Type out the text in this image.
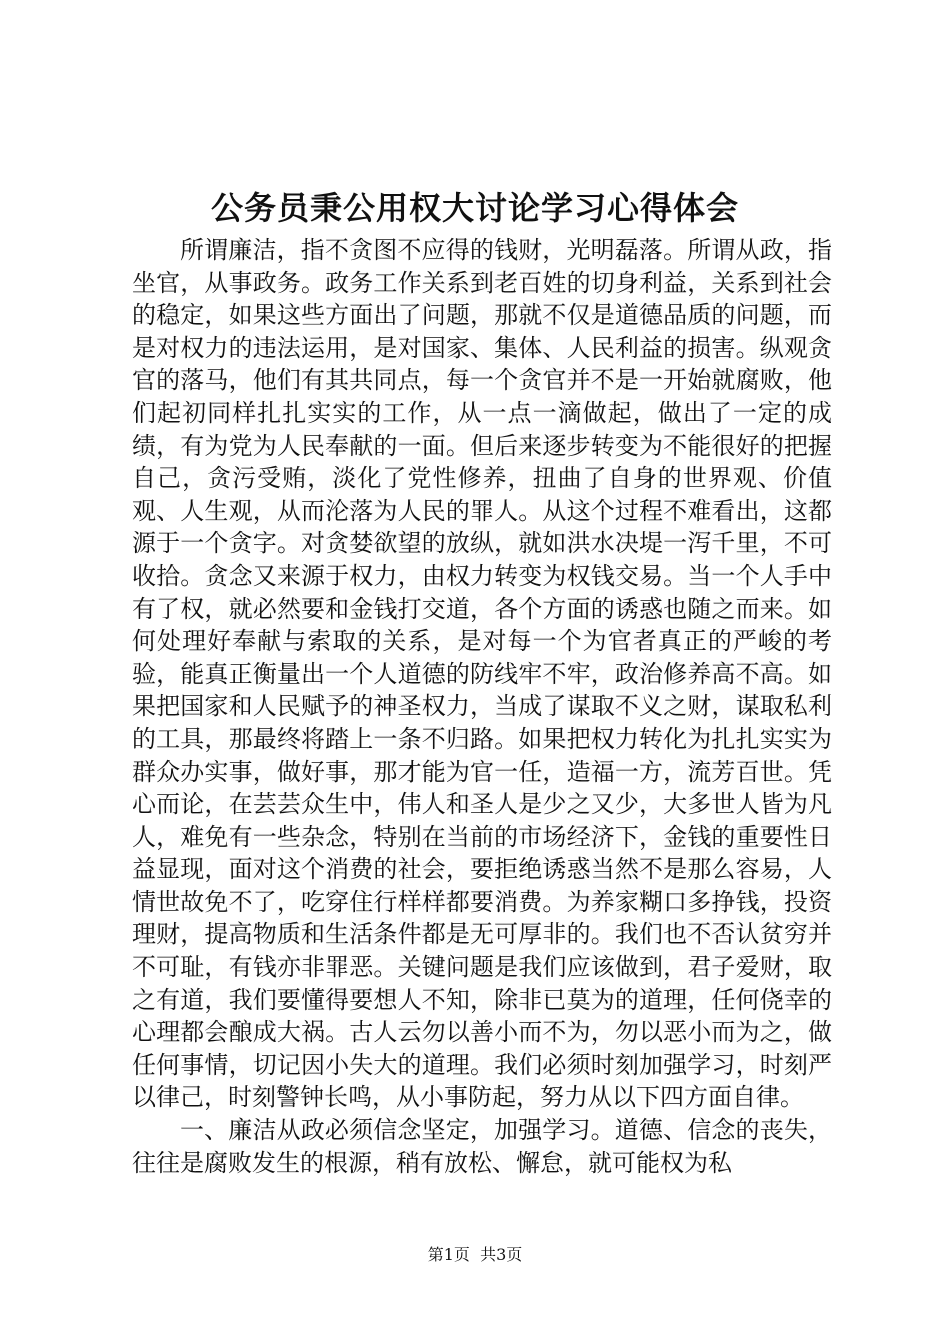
公务员秉公用权大讨论学习心得体会

所谓廉洁，指不贪图不应得的钱财，光明磊落。所谓从政，指坐官，从事政务。政务工作关系到老百姓的切身利益，关系到社会的稳定，如果这些方面出了问题，那就不仅是道德品质的问题，而是对权力的违法运用，是对国家、集体、人民利益的损害。纵观贪官的落马，他们有其共同点，每一个贪官并不是一开始就腐败，他们起初同样扎扎实实的工作，从一点一滴做起，做出了一定的成绩，有为党为人民奉献的一面。但后来逐步转变为不能很好的把握自己，贪污受贿，淡化了党性修养，扭曲了自身的世界观、价值观、人生观，从而沦落为人民的罪人。从这个过程不难看出，这都源于一个贪字。对贪婪欲望的放纵，就如洪水决堤一泻千里，不可收拾。贪念又来源于权力，由权力转变为权钱交易。当一个人手中有了权，就必然要和金钱打交道，各个方面的诱惑也随之而来。如何处理好奉献与索取的关系，是对每一个为官者真正的严峻的考验，能真正衡量出一个人道德的防线牢不牢，政治修养高不高。如果把国家和人民赋予的神圣权力，当成了谋取不义之财，谋取私利的工具，那最终将踏上一条不归路。如果把权力转化为扎扎实实为群众办实事，做好事，那才能为官一任，造福一方，流芳百世。凭心而论，在芸芸众生中，伟人和圣人是少之又少，大多世人皆为凡人，难免有一些杂念，特别在当前的市场经济下，金钱的重要性日益显现，面对这个消费的社会，要拒绝诱惑当然不是那么容易，人情世故免不了，吃穿住行样样都要消费。为养家糊口多挣钱，投资理财，提高物质和生活条件都是无可厚非的。我们也不否认贫穷并不可耻，有钱亦非罪恶。关键问题是我们应该做到，君子爱财，取之有道，我们要懂得要想人不知，除非已莫为的道理，任何侥幸的心理都会酿成大祸。古人云勿以善小而不为，勿以恶小而为之，做任何事情，切记因小失大的道理。我们必须时刻加强学习，时刻严以律己，时刻警钟长鸣，从小事防起，努力从以下四方面自律。

一、廉洁从政必须信念坚定，加强学习。道德、信念的丧失，往往是腐败发生的根源，稍有放松、懈怠，就可能权为私

第1页 共3页
